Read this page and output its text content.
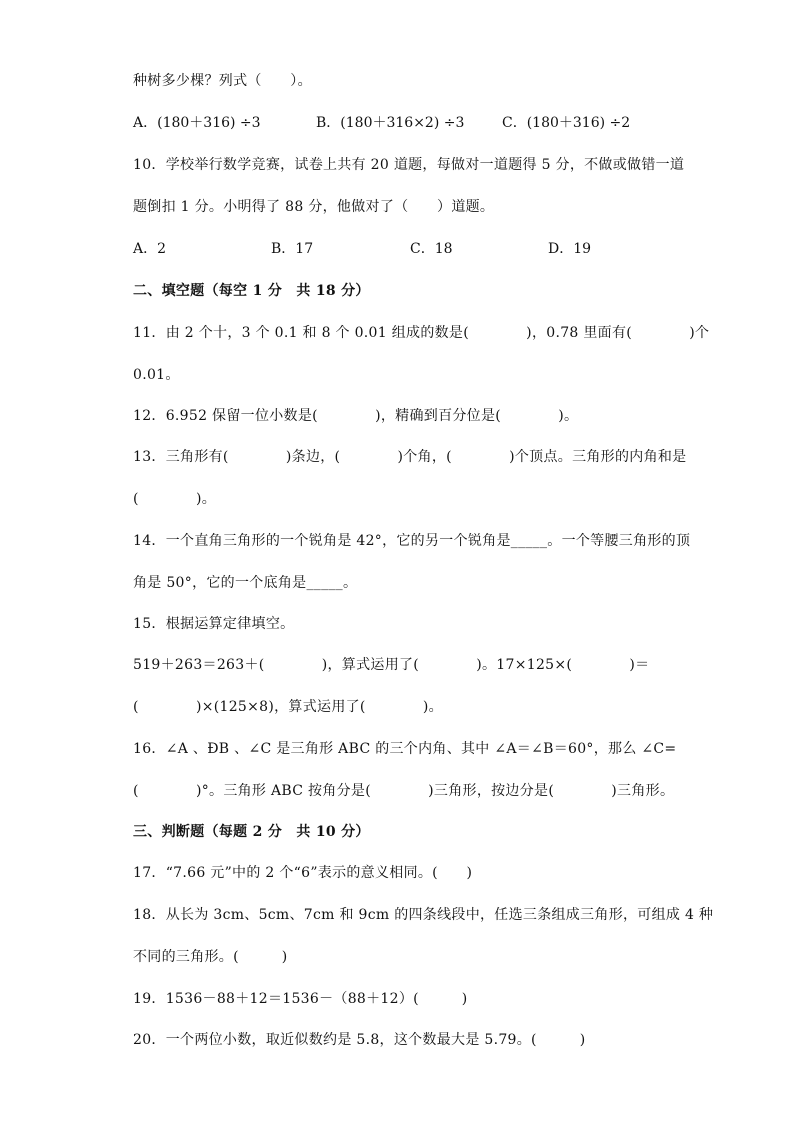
种树多少棵？列式（　　）。
A．(180＋316) ÷3	B．(180＋316×2) ÷3	C．(180＋316) ÷2
10．学校举行数学竞赛，试卷上共有 20 道题，每做对一道题得 5 分，不做或做错一道
题倒扣 1 分。小明得了 88 分，他做对了（　　）道题。
A．2	B．17	C．18	D．19
二、填空题（每空 1 分　共 18 分）
11．由 2 个十，3 个 0.1 和 8 个 0.01 组成的数是(　　　　)，0.78 里面有(　　　　)个
0.01。
12．6.952 保留一位小数是(　　　　)，精确到百分位是(　　　　)。
13．三角形有(　　　　)条边，(　　　　)个角，(　　　　)个顶点。三角形的内角和是
(　　　　)。
14．一个直角三角形的一个锐角是 42°，它的另一个锐角是_____。一个等腰三角形的顶
角是 50°，它的一个底角是_____。
15．根据运算定律填空。
519＋263＝263＋(　　　　)，算式运用了(　　　　)。17×125×(　　　　)＝
(　　　　)×(125×8)，算式运用了(　　　　)。
16．∠A 、ÐB 、∠C 是三角形 ABC 的三个内角、其中 ∠A＝∠B＝60°，那么 ∠C=
(　　　　)°。三角形 ABC 按角分是(　　　　)三角形，按边分是(　　　　)三角形。
三、判断题（每题 2 分　共 10 分）
17．“7.66 元”中的 2 个“6”表示的意义相同。(　　)
18．从长为 3cm、5cm、7cm 和 9cm 的四条线段中，任选三条组成三角形，可组成 4 种
不同的三角形。(　　　)
19．1536－88＋12＝1536－（88＋12）(　　　)
20．一个两位小数，取近似数约是 5.8，这个数最大是 5.79。(　　　)
